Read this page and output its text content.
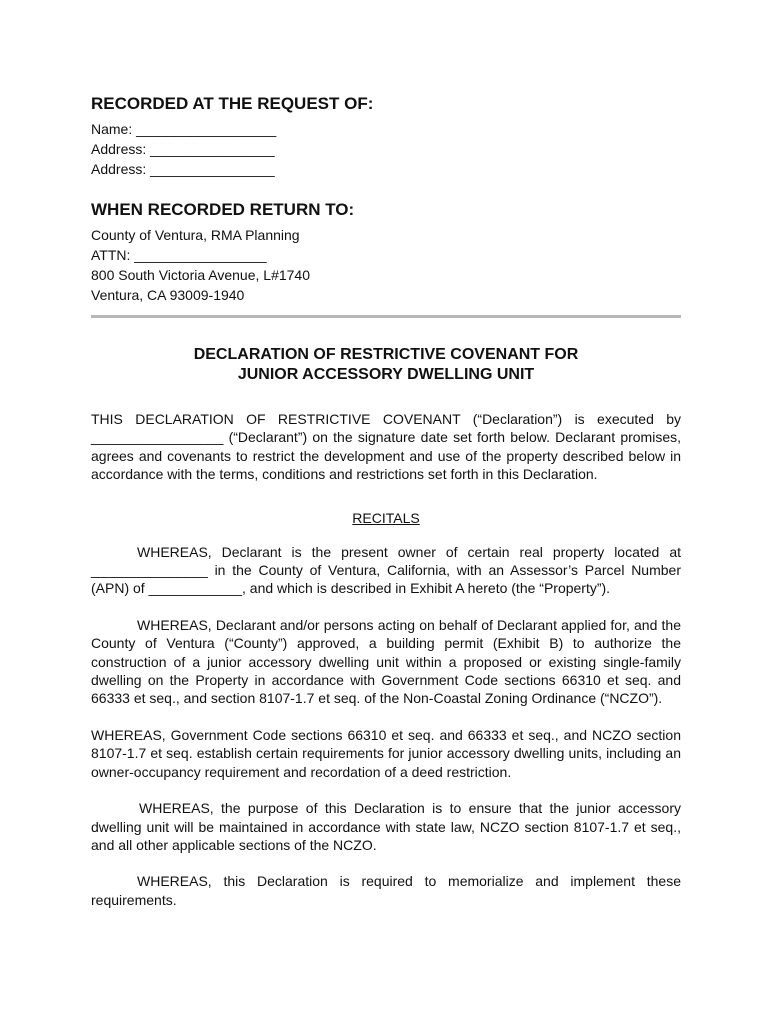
RECORDED AT THE REQUEST OF:
Name: __________________
Address: ________________
Address: ________________
WHEN RECORDED RETURN TO:
County of Ventura, RMA Planning
ATTN: _________________
800 South Victoria Avenue, L#1740
Ventura, CA 93009-1940
DECLARATION OF RESTRICTIVE COVENANT FOR
JUNIOR ACCESSORY DWELLING UNIT

THIS DECLARATION OF RESTRICTIVE COVENANT (“Declaration”) is executed by _________________ (“Declarant”) on the signature date set forth below. Declarant promises, agrees and covenants to restrict the development and use of the property described below in accordance with the terms, conditions and restrictions set forth in this Declaration.

RECITALS

WHEREAS, Declarant is the present owner of certain real property located at _______________ in the County of Ventura, California, with an Assessor’s Parcel Number (APN) of ____________, and which is described in Exhibit A hereto (the “Property”).

WHEREAS, Declarant and/or persons acting on behalf of Declarant applied for, and the County of Ventura (“County”) approved, a building permit (Exhibit B) to authorize the construction of a junior accessory dwelling unit within a proposed or existing single-family dwelling on the Property in accordance with Government Code sections 66310 et seq. and 66333 et seq., and section 8107-1.7 et seq. of the Non-Coastal Zoning Ordinance (“NCZO”).

WHEREAS, Government Code sections 66310 et seq. and 66333 et seq., and NCZO section 8107-1.7 et seq. establish certain requirements for junior accessory dwelling units, including an owner-occupancy requirement and recordation of a deed restriction.

WHEREAS, the purpose of this Declaration is to ensure that the junior accessory dwelling unit will be maintained in accordance with state law, NCZO section 8107-1.7 et seq., and all other applicable sections of the NCZO.

WHEREAS, this Declaration is required to memorialize and implement these requirements.
